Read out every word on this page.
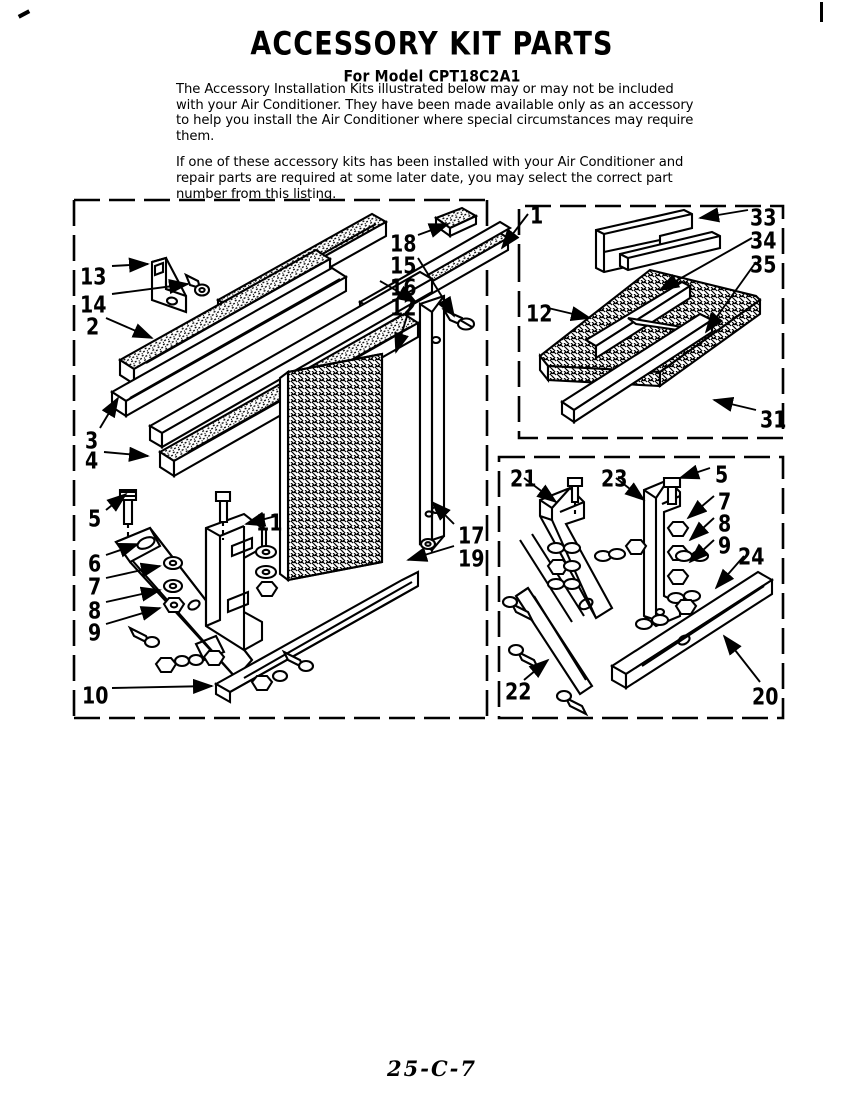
ACCESSORY KIT PARTS
For Model CPT18C2A1

The Accessory Installation Kits illustrated below may or may not be included with your Air Conditioner. They have been made available only as an accessory to help you install the Air Conditioner where special circumstances may require them.

If one of these accessory kits has been installed with your Air Conditioner and repair parts are required at some later date, you may select the correct part number from this listing.

13
14
2
3
4
18
15
16
12
17
19
5
6
7
8
9
10
11
1	33
34
35
12
31
21	23	5
7
8
9 24
22	20
25-C-7
